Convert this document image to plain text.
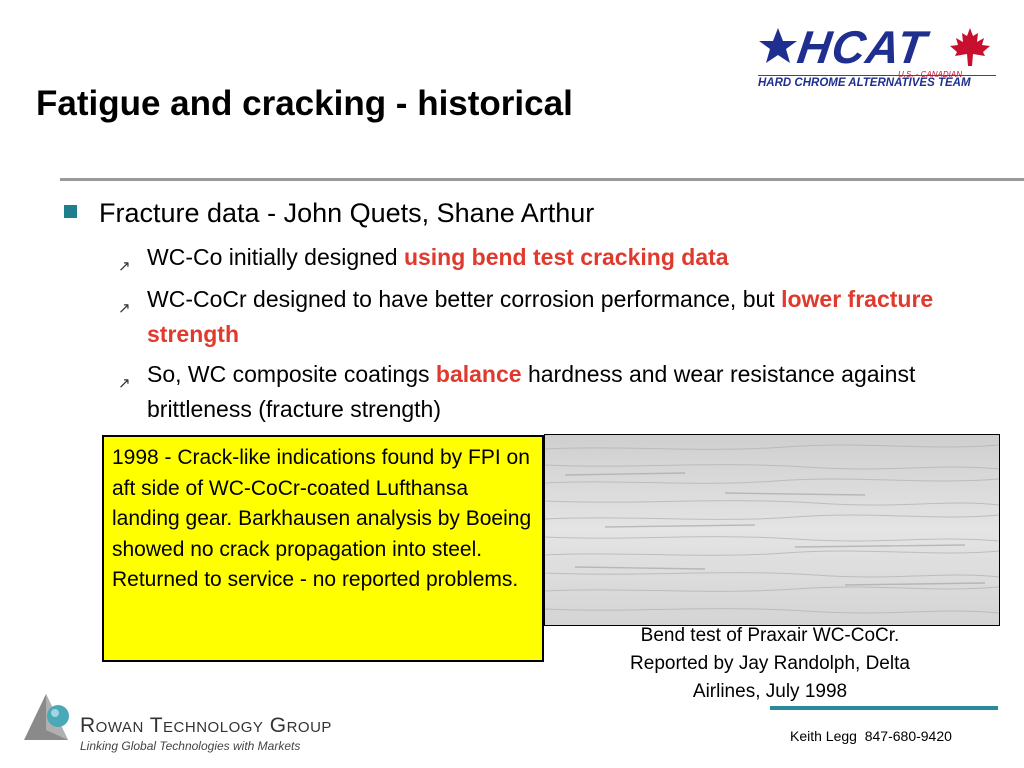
HCAT
U.S. - CANADIAN
HARD CHROME ALTERNATIVES TEAM
Fatigue and cracking - historical
Fracture data - John Quets, Shane Arthur
↗ WC-Co initially designed using bend test cracking data
↗ WC-CoCr designed to have better corrosion performance, but lower fracture strength
↗ So, WC composite coatings balance hardness and wear resistance against brittleness (fracture strength)
1998 - Crack-like indications found by FPI on aft side of WC-CoCr-coated Lufthansa landing gear. Barkhausen analysis by Boeing showed no crack propagation into steel. Returned to service - no reported problems.
Bend test of Praxair WC-CoCr.
Reported by Jay Randolph, Delta
Airlines, July 1998
Rowan Technology Group
Linking Global Technologies with Markets
Keith Legg  847-680-9420
